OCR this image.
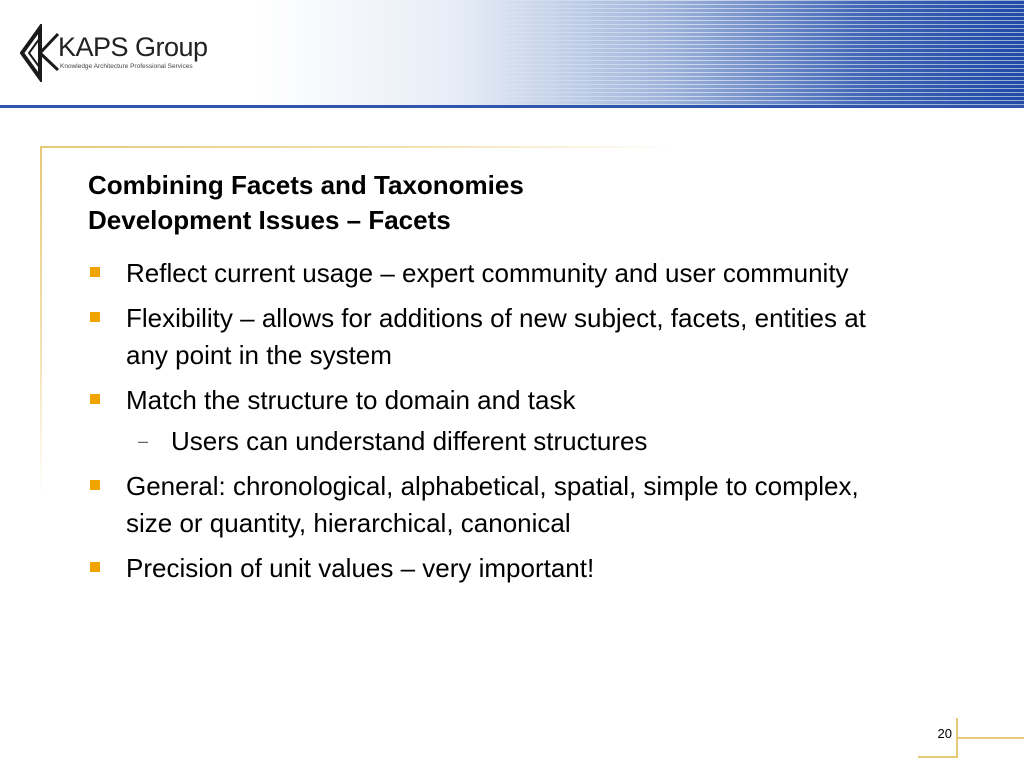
KAPS Group
Knowledge Architecture Professional Services
Combining Facets and Taxonomies
Development Issues – Facets
Reflect current usage – expert community and user community
Flexibility – allows for additions of new subject, facets, entities at any point in the system
Match the structure to domain and task
– Users can understand different structures
General: chronological, alphabetical, spatial, simple to complex, size or quantity, hierarchical, canonical
Precision of unit values – very important!
20
